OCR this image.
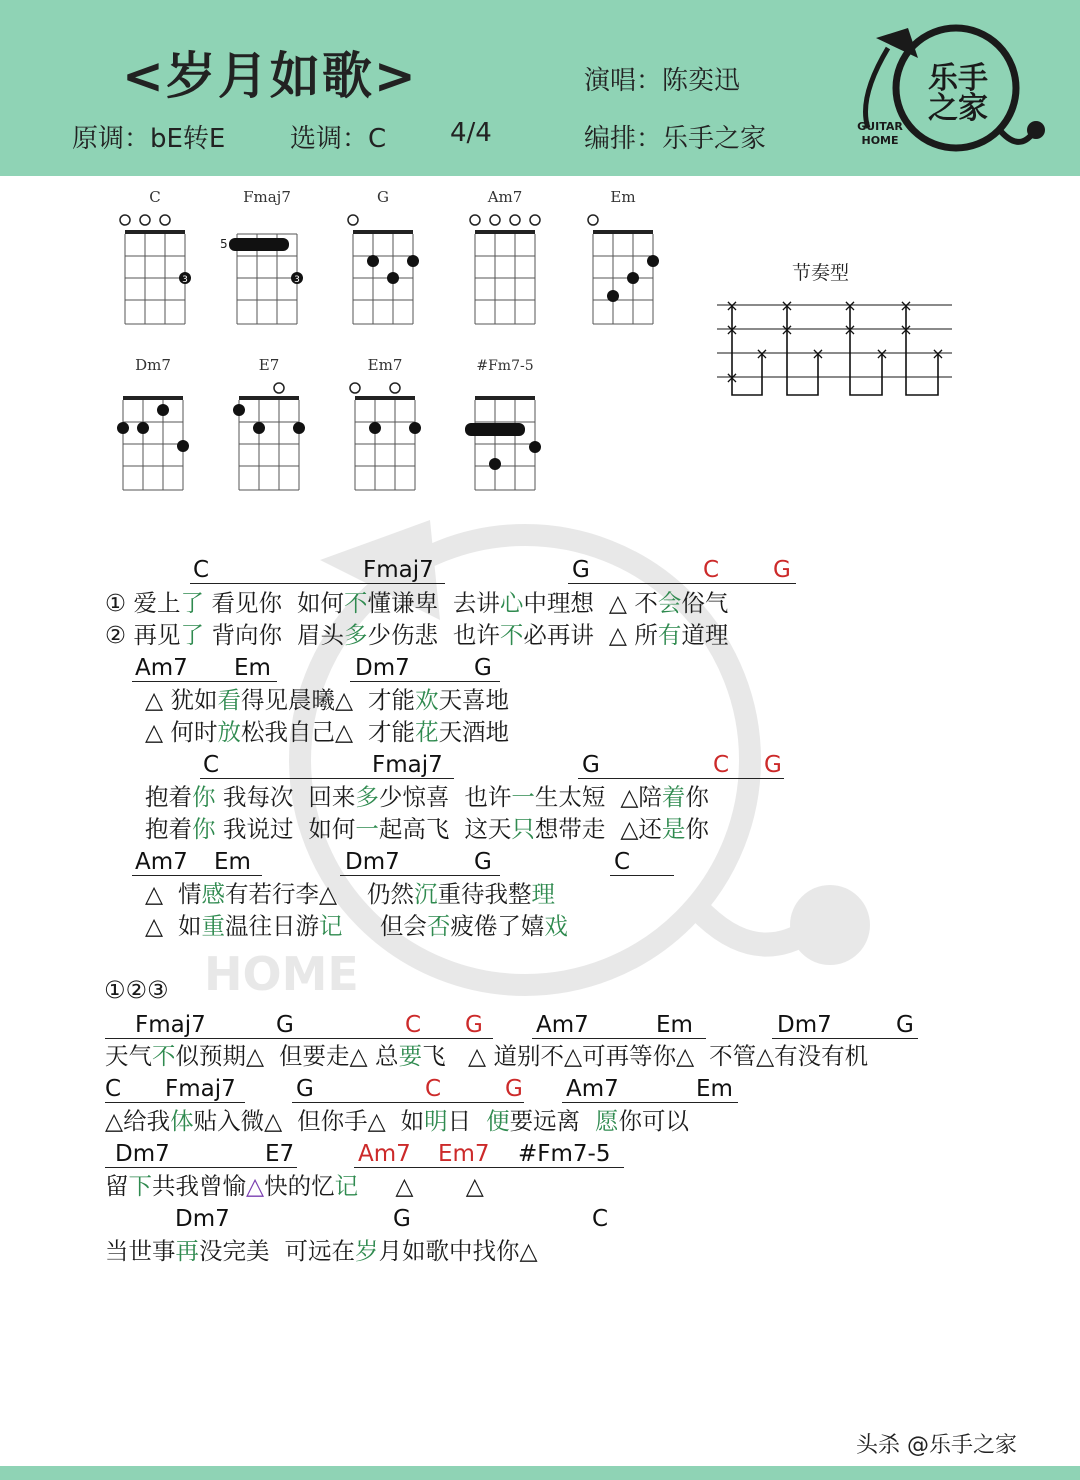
<岁月如歌>	演唱：陈奕迅
原调：bE转E 选调：C 4/4	编排：乐手之家
乐手
之家
GUITAR
HOME
C
3
Fmaj7
5
3
G	Am7	Em
Dm7	E7	Em7	#Fm7-5
节奏型
×
×
×
×
×
×	×
×
×
×
×
×
×
HOME
C	Fmaj7	G	C G
① 爱上了 看见你  如何不懂谦卑  去讲心中理想  △ 不会俗气
② 再见了 背向你  眉头多少伤悲  也许不必再讲  △ 所有道理
Am7 Em	Dm7	G
△ 犹如看得见晨曦△  才能欢天喜地
△ 何时放松我自己△  才能花天酒地
C	Fmaj7	G	C G
抱着你 我每次  回来多少惊喜  也许一生太短  △陪着你
抱着你 我说过  如何一起高飞  这天只想带走  △还是你
Am7 Em	Dm7	G	C
△  情感有若行李△    仍然沉重待我整理
△  如重温往日游记     但会否疲倦了嬉戏
①②③
Fmaj7	G	C G Am7	Em	Dm7	G
天气不似预期△  但要走△ 总要飞   △ 道别不△可再等你△  不管△有没有机
C Fmaj7	G	C	G Am7	Em
△给我体贴入微△  但你手△  如明日  便要远离  愿你可以
Dm7	E7	Am7 Em7 #Fm7-5
留下共我曾愉△快的忆记     △       △
Dm7	G	C
当世事再没完美  可远在岁月如歌中找你△
头杀 @乐手之家
